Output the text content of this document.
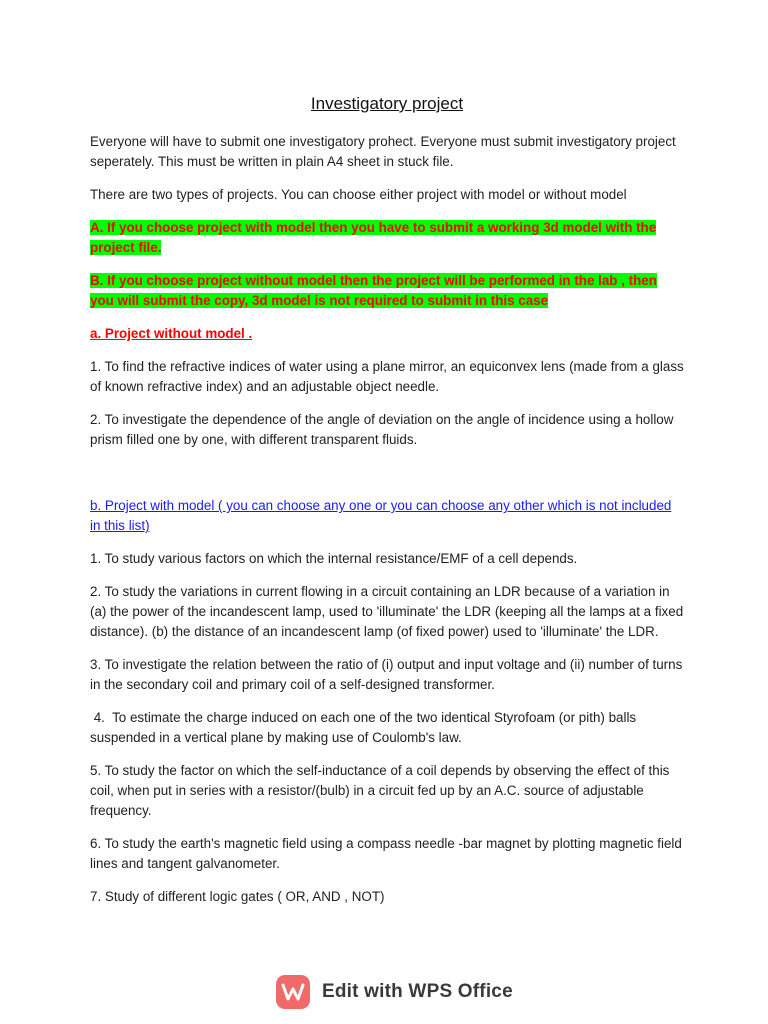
Investigatory project

Everyone will have to submit one investigatory prohect. Everyone must submit investigatory project seperately. This must be written in plain A4 sheet in stuck file.

There are two types of projects. You can choose either project with model or without model

A. If you choose project with model then you have to submit a working 3d model with the project file.

B. If you choose project without model then the project will be performed in the lab , then you will submit the copy, 3d model is not required to submit in this case

a. Project without model .

1. To find the refractive indices of water using a plane mirror, an equiconvex lens (made from a glass of known refractive index) and an adjustable object needle.

2. To investigate the dependence of the angle of deviation on the angle of incidence using a hollow prism filled one by one, with different transparent fluids.

b. Project with model ( you can choose any one or you can choose any other which is not included in this list)

1. To study various factors on which the internal resistance/EMF of a cell depends.

2. To study the variations in current flowing in a circuit containing an LDR because of a variation in (a) the power of the incandescent lamp, used to 'illuminate' the LDR (keeping all the lamps at a fixed distance). (b) the distance of an incandescent lamp (of fixed power) used to 'illuminate' the LDR.

3. To investigate the relation between the ratio of (i) output and input voltage and (ii) number of turns in the secondary coil and primary coil of a self-designed transformer.

4.  To estimate the charge induced on each one of the two identical Styrofoam (or pith) balls suspended in a vertical plane by making use of Coulomb's law.

5. To study the factor on which the self-inductance of a coil depends by observing the effect of this coil, when put in series with a resistor/(bulb) in a circuit fed up by an A.C. source of adjustable frequency.

6. To study the earth's magnetic field using a compass needle -bar magnet by plotting magnetic field lines and tangent galvanometer.

7. Study of different logic gates ( OR, AND , NOT)

Edit with WPS Office
